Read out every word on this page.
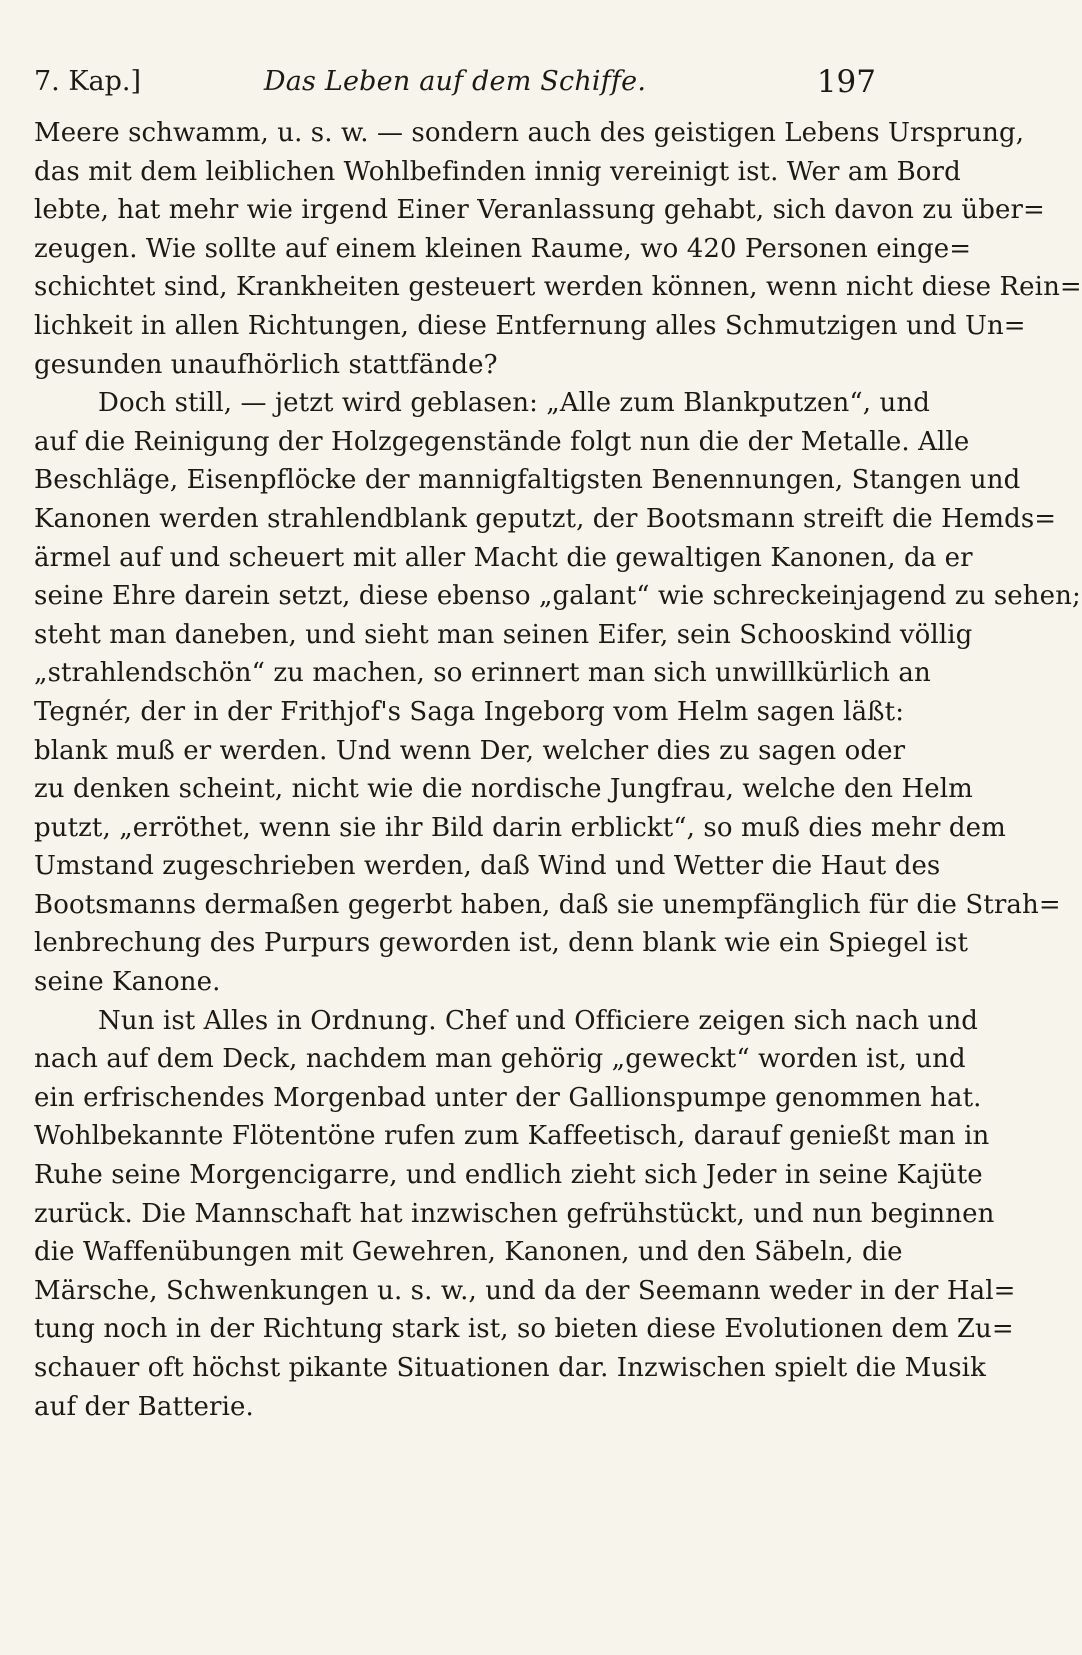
7. Kap.]	Das Leben auf dem Schiffe.	197
Meere schwamm, u. s. w. — sondern auch des geistigen Lebens Ursprung,
das mit dem leiblichen Wohlbefinden innig vereinigt ist. Wer am Bord
lebte, hat mehr wie irgend Einer Veranlassung gehabt, sich davon zu über=
zeugen. Wie sollte auf einem kleinen Raume, wo 420 Personen einge=
schichtet sind, Krankheiten gesteuert werden können, wenn nicht diese Rein=
lichkeit in allen Richtungen, diese Entfernung alles Schmutzigen und Un=
gesunden unaufhörlich stattfände?
Doch still, — jetzt wird geblasen: „Alle zum Blankputzen“, und
auf die Reinigung der Holzgegenstände folgt nun die der Metalle. Alle
Beschläge, Eisenpflöcke der mannigfaltigsten Benennungen, Stangen und
Kanonen werden strahlendblank geputzt, der Bootsmann streift die Hemds=
ärmel auf und scheuert mit aller Macht die gewaltigen Kanonen, da er
seine Ehre darein setzt, diese ebenso „galant“ wie schreckeinjagend zu sehen;
steht man daneben, und sieht man seinen Eifer, sein Schooskind völlig
„strahlendschön“ zu machen, so erinnert man sich unwillkürlich an
Tegnér, der in der Frithjof's Saga Ingeborg vom Helm sagen läßt:
blank muß er werden. Und wenn Der, welcher dies zu sagen oder
zu denken scheint, nicht wie die nordische Jungfrau, welche den Helm
putzt, „erröthet, wenn sie ihr Bild darin erblickt“, so muß dies mehr dem
Umstand zugeschrieben werden, daß Wind und Wetter die Haut des
Bootsmanns dermaßen gegerbt haben, daß sie unempfänglich für die Strah=
lenbrechung des Purpurs geworden ist, denn blank wie ein Spiegel ist
seine Kanone.
Nun ist Alles in Ordnung. Chef und Officiere zeigen sich nach und
nach auf dem Deck, nachdem man gehörig „geweckt“ worden ist, und
ein erfrischendes Morgenbad unter der Gallionspumpe genommen hat.
Wohlbekannte Flötentöne rufen zum Kaffeetisch, darauf genießt man in
Ruhe seine Morgencigarre, und endlich zieht sich Jeder in seine Kajüte
zurück. Die Mannschaft hat inzwischen gefrühstückt, und nun beginnen
die Waffenübungen mit Gewehren, Kanonen, und den Säbeln, die
Märsche, Schwenkungen u. s. w., und da der Seemann weder in der Hal=
tung noch in der Richtung stark ist, so bieten diese Evolutionen dem Zu=
schauer oft höchst pikante Situationen dar. Inzwischen spielt die Musik
auf der Batterie.
